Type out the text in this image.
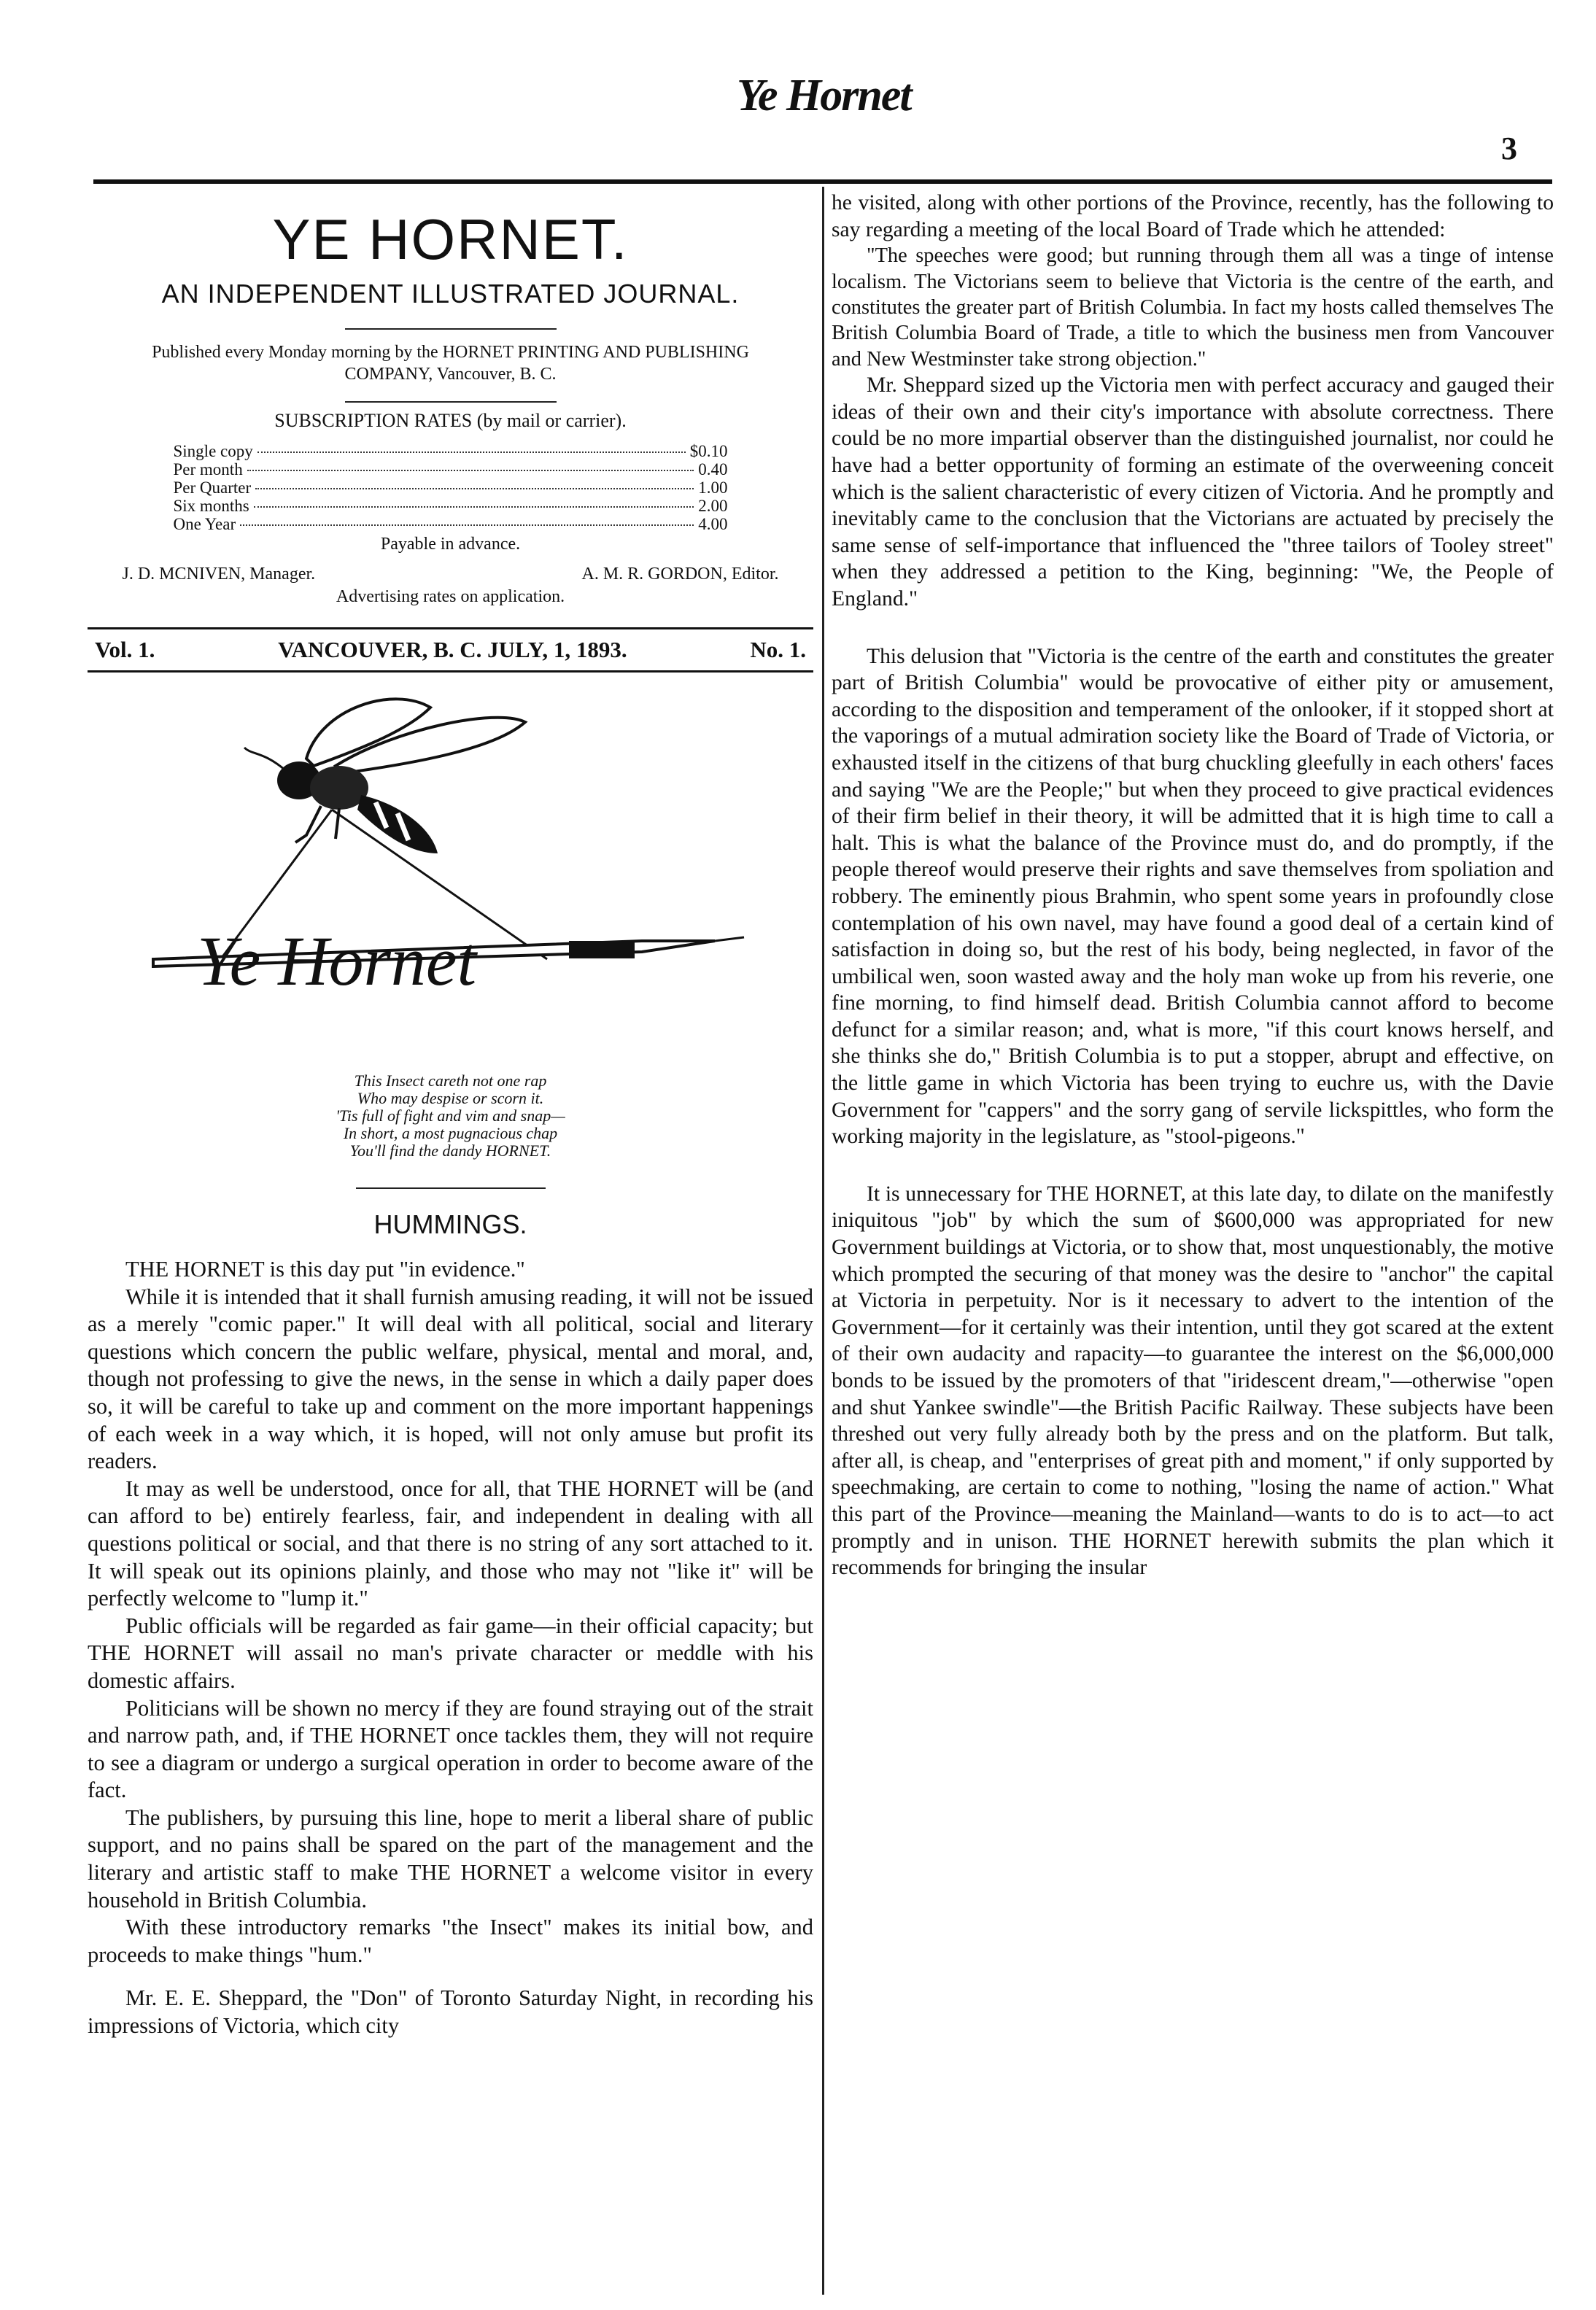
Ye Hornet
3
YE HORNET.
AN INDEPENDENT ILLUSTRATED JOURNAL.
Published every Monday morning by the HORNET PRINTING AND PUBLISHING COMPANY, Vancouver, B. C.
SUBSCRIPTION RATES (by mail or carrier).
Single copy	$0.10
Per month	0.40
Per Quarter	1.00
Six months	2.00
One Year	4.00
Payable in advance.
J. D. MCNIVEN, Manager.	A. M. R. GORDON, Editor.
Advertising rates on application.
Vol. 1.	VANCOUVER, B. C. JULY, 1, 1893.	No. 1.
Ye Hornet
This Insect careth not one rap
Who may despise or scorn it.
'Tis full of fight and vim and snap—
In short, a most pugnacious chap
You'll find the dandy HORNET.
HUMMINGS.

THE HORNET is this day put "in evidence."

While it is intended that it shall furnish amusing reading, it will not be issued as a merely "comic paper." It will deal with all political, social and literary questions which concern the public welfare, physical, mental and moral, and, though not professing to give the news, in the sense in which a daily paper does so, it will be careful to take up and comment on the more important happenings of each week in a way which, it is hoped, will not only amuse but profit its readers.

It may as well be understood, once for all, that THE HORNET will be (and can afford to be) entirely fearless, fair, and independent in dealing with all questions political or social, and that there is no string of any sort attached to it. It will speak out its opinions plainly, and those who may not "like it" will be perfectly welcome to "lump it."

Public officials will be regarded as fair game—in their official capacity; but THE HORNET will assail no man's private character or meddle with his domestic affairs.

Politicians will be shown no mercy if they are found straying out of the strait and narrow path, and, if THE HORNET once tackles them, they will not require to see a diagram or undergo a surgical operation in order to become aware of the fact.

The publishers, by pursuing this line, hope to merit a liberal share of public support, and no pains shall be spared on the part of the management and the literary and artistic staff to make THE HORNET a welcome visitor in every household in British Columbia.

With these introductory remarks "the Insect" makes its initial bow, and proceeds to make things "hum."

Mr. E. E. Sheppard, the "Don" of Toronto Saturday Night, in recording his impressions of Victoria, which city

he visited, along with other portions of the Province, recently, has the following to say regarding a meeting of the local Board of Trade which he attended:

"The speeches were good; but running through them all was a tinge of intense localism. The Victorians seem to believe that Victoria is the centre of the earth, and constitutes the greater part of British Columbia. In fact my hosts called themselves The British Columbia Board of Trade, a title to which the business men from Vancouver and New Westminster take strong objection."

Mr. Sheppard sized up the Victoria men with perfect accuracy and gauged their ideas of their own and their city's importance with absolute correctness. There could be no more impartial observer than the distinguished journalist, nor could he have had a better opportunity of forming an estimate of the overweening conceit which is the salient characteristic of every citizen of Victoria. And he promptly and inevitably came to the conclusion that the Victorians are actuated by precisely the same sense of self-importance that influenced the "three tailors of Tooley street" when they addressed a petition to the King, beginning: "We, the People of England."

This delusion that "Victoria is the centre of the earth and constitutes the greater part of British Columbia" would be provocative of either pity or amusement, according to the disposition and temperament of the onlooker, if it stopped short at the vaporings of a mutual admiration society like the Board of Trade of Victoria, or exhausted itself in the citizens of that burg chuckling gleefully in each others' faces and saying "We are the People;" but when they proceed to give practical evidences of their firm belief in their theory, it will be admitted that it is high time to call a halt. This is what the balance of the Province must do, and do promptly, if the people thereof would preserve their rights and save themselves from spoliation and robbery. The eminently pious Brahmin, who spent some years in profoundly close contemplation of his own navel, may have found a good deal of a certain kind of satisfaction in doing so, but the rest of his body, being neglected, in favor of the umbilical wen, soon wasted away and the holy man woke up from his reverie, one fine morning, to find himself dead. British Columbia cannot afford to become defunct for a similar reason; and, what is more, "if this court knows herself, and she thinks she do," British Columbia is to put a stopper, abrupt and effective, on the little game in which Victoria has been trying to euchre us, with the Davie Government for "cappers" and the sorry gang of servile lickspittles, who form the working majority in the legislature, as "stool-pigeons."

It is unnecessary for THE HORNET, at this late day, to dilate on the manifestly iniquitous "job" by which the sum of $600,000 was appropriated for new Government buildings at Victoria, or to show that, most unquestionably, the motive which prompted the securing of that money was the desire to "anchor" the capital at Victoria in perpetuity. Nor is it necessary to advert to the intention of the Government—for it certainly was their intention, until they got scared at the extent of their own audacity and rapacity—to guarantee the interest on the $6,000,000 bonds to be issued by the promoters of that "iridescent dream,"—otherwise "open and shut Yankee swindle"—the British Pacific Railway. These subjects have been threshed out very fully already both by the press and on the platform. But talk, after all, is cheap, and "enterprises of great pith and moment," if only supported by speechmaking, are certain to come to nothing, "losing the name of action." What this part of the Province—meaning the Mainland—wants to do is to act—to act promptly and in unison. THE HORNET herewith submits the plan which it recommends for bringing the insular
